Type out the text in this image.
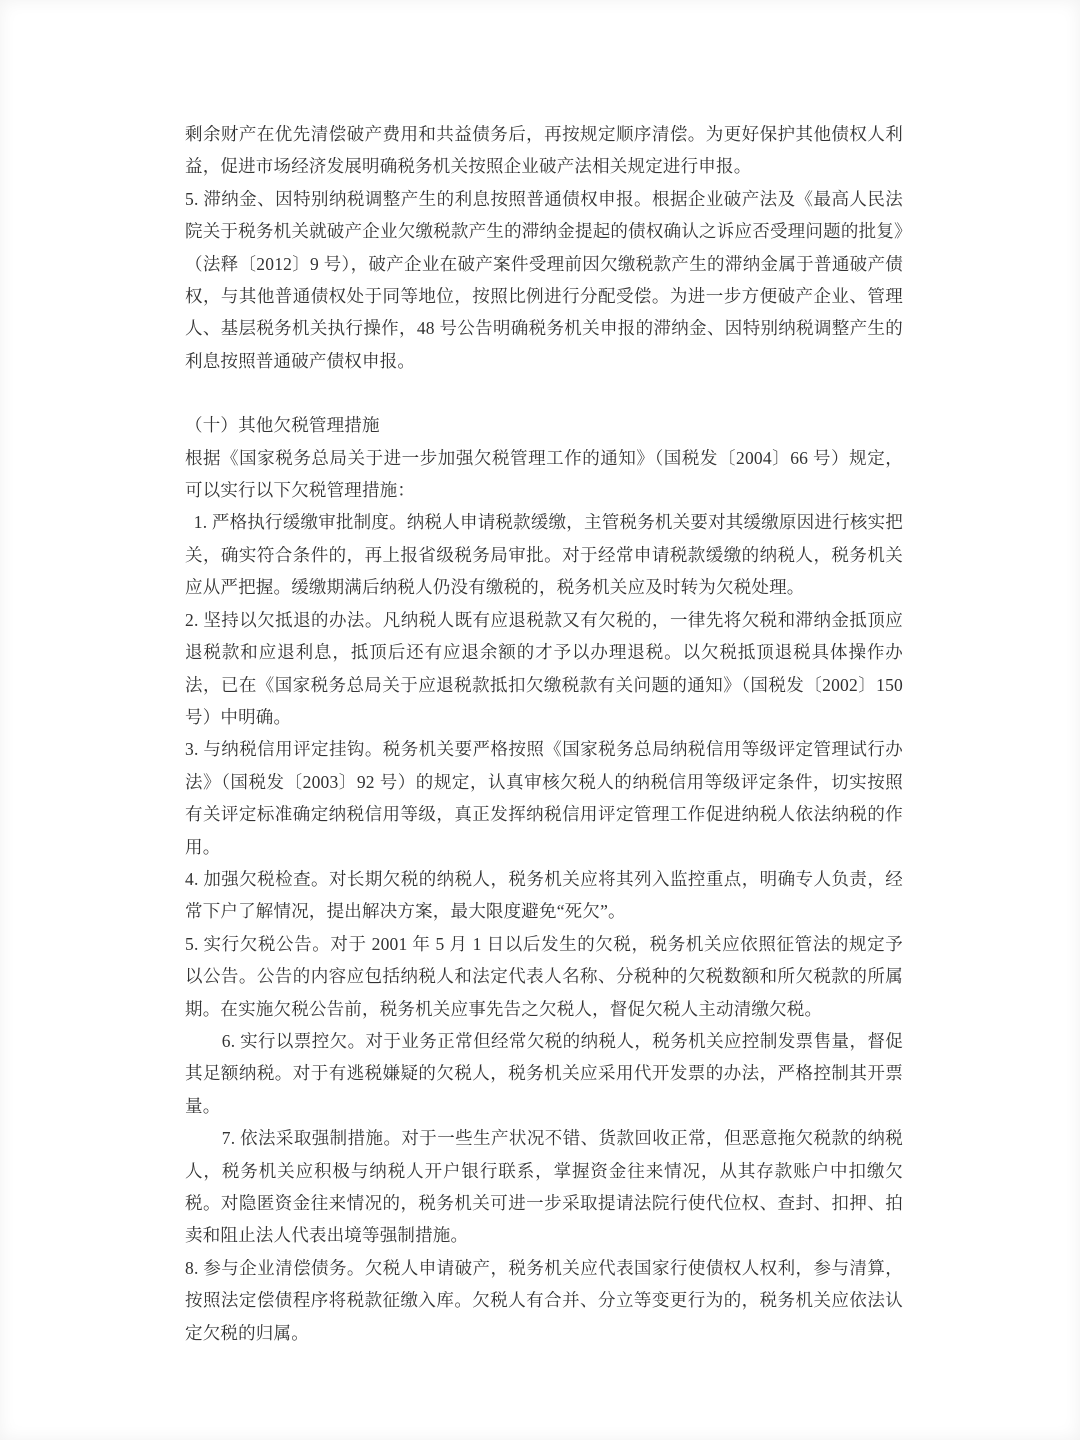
剩余财产在优先清偿破产费用和共益债务后，再按规定顺序清偿。为更好保护其他债权人利益，促进市场经济发展明确税务机关按照企业破产法相关规定进行申报。
5. 滞纳金、因特别纳税调整产生的利息按照普通债权申报。根据企业破产法及《最高人民法院关于税务机关就破产企业欠缴税款产生的滞纳金提起的债权确认之诉应否受理问题的批复》（法释〔2012〕9 号），破产企业在破产案件受理前因欠缴税款产生的滞纳金属于普通破产债权，与其他普通债权处于同等地位，按照比例进行分配受偿。为进一步方便破产企业、管理人、基层税务机关执行操作，48 号公告明确税务机关申报的滞纳金、因特别纳税调整产生的利息按照普通破产债权申报。
（十）其他欠税管理措施
根据《国家税务总局关于进一步加强欠税管理工作的通知》（国税发〔2004〕66 号）规定，可以实行以下欠税管理措施：
1. 严格执行缓缴审批制度。纳税人申请税款缓缴，主管税务机关要对其缓缴原因进行核实把关，确实符合条件的，再上报省级税务局审批。对于经常申请税款缓缴的纳税人，税务机关应从严把握。缓缴期满后纳税人仍没有缴税的，税务机关应及时转为欠税处理。
2. 坚持以欠抵退的办法。凡纳税人既有应退税款又有欠税的，一律先将欠税和滞纳金抵顶应退税款和应退利息，抵顶后还有应退余额的才予以办理退税。以欠税抵顶退税具体操作办法，已在《国家税务总局关于应退税款抵扣欠缴税款有关问题的通知》（国税发〔2002〕150号）中明确。
3. 与纳税信用评定挂钩。税务机关要严格按照《国家税务总局纳税信用等级评定管理试行办法》（国税发〔2003〕92 号）的规定，认真审核欠税人的纳税信用等级评定条件，切实按照有关评定标准确定纳税信用等级，真正发挥纳税信用评定管理工作促进纳税人依法纳税的作用。
4. 加强欠税检查。对长期欠税的纳税人，税务机关应将其列入监控重点，明确专人负责，经常下户了解情况，提出解决方案，最大限度避免“死欠”。
5. 实行欠税公告。对于 2001 年 5 月 1 日以后发生的欠税，税务机关应依照征管法的规定予以公告。公告的内容应包括纳税人和法定代表人名称、分税种的欠税数额和所欠税款的所属期。在实施欠税公告前，税务机关应事先告之欠税人，督促欠税人主动清缴欠税。
6. 实行以票控欠。对于业务正常但经常欠税的纳税人，税务机关应控制发票售量，督促其足额纳税。对于有逃税嫌疑的欠税人，税务机关应采用代开发票的办法，严格控制其开票量。
7. 依法采取强制措施。对于一些生产状况不错、货款回收正常，但恶意拖欠税款的纳税人，税务机关应积极与纳税人开户银行联系，掌握资金往来情况，从其存款账户中扣缴欠税。对隐匿资金往来情况的，税务机关可进一步采取提请法院行使代位权、查封、扣押、拍卖和阻止法人代表出境等强制措施。
8. 参与企业清偿债务。欠税人申请破产，税务机关应代表国家行使债权人权利，参与清算，按照法定偿债程序将税款征缴入库。欠税人有合并、分立等变更行为的，税务机关应依法认定欠税的归属。
